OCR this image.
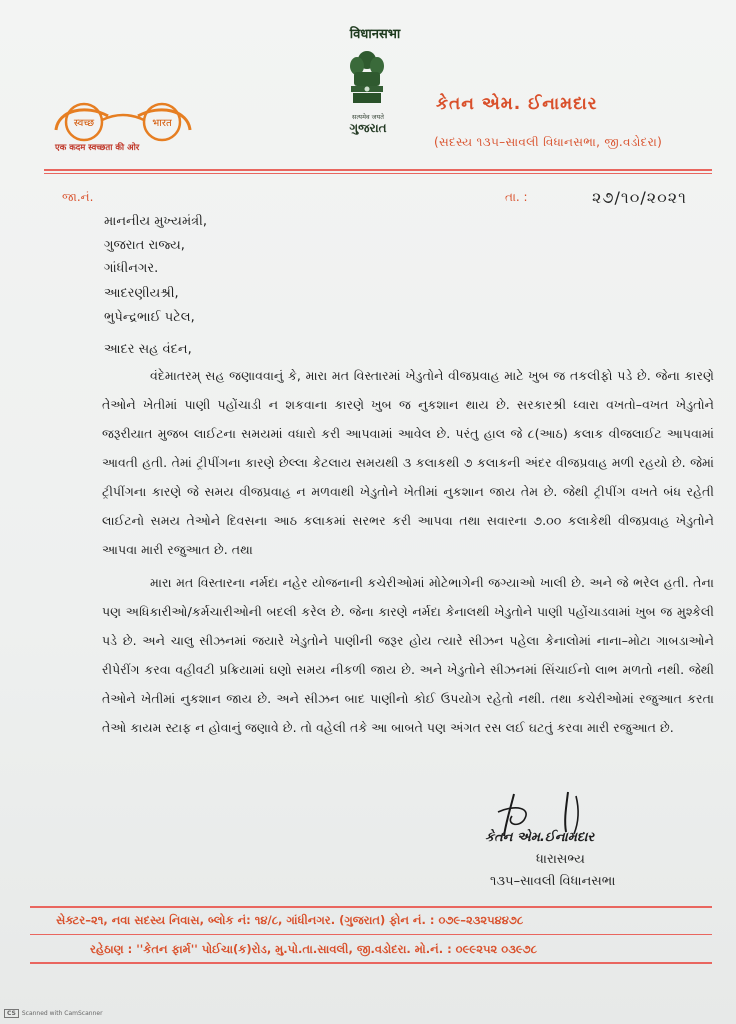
स्वच्छ	भारत
एक कदम स्वच्छता की ओर
विधानसभा
सत्यमेव जयते
ગુજરાત
કેતન એમ. ઈનામદાર
(સદસ્ય ૧૩૫–સાવલી વિધાનસભા, જી.વડોદરા)
જા.નં.	તા. :	૨૭/૧૦/૨૦૨૧
માનનીય મુખ્યમંત્રી,
ગુજરાત રાજ્ય,
ગાંધીનગર.
આદરણીયશ્રી,
ભુપેન્દ્રભાઈ પટેલ,
આદર સહ વંદન,
વંદેમાતરમ્ સહ જણાવવાનું કે, મારા મત વિસ્તારમાં ખેડુતોને વીજપ્રવાહ માટે ખુબ જ તકલીફો પડે છે. જેના કારણે તેઓને ખેતીમાં પાણી પહોંચાડી ન શકવાના કારણે ખુબ જ નુકશાન થાય છે. સરકારશ્રી ધ્વારા વખતો–વખત ખેડુતોને જરૂરીયાત મુજબ લાઈટના સમયમાં વધારો કરી આપવામાં આવેલ છે. પરંતુ હાલ જે ૮(આઠ) કલાક વીજલાઈટ આપવામાં આવતી હતી. તેમાં ટ્રીપીંગના કારણે છેલ્લા કેટલાય સમયથી ૩ કલાકથી ૭ કલાકની અંદર વીજપ્રવાહ મળી રહયો છે. જેમાં ટ્રીપીંગના કારણે જે સમય વીજપ્રવાહ ન મળવાથી ખેડુતોને ખેતીમાં નુકશાન જાય તેમ છે. જેથી ટ્રીપીંગ વખતે બંધ રહેતી લાઈટનો સમય તેઓને દિવસના આઠ કલાકમાં સરભર કરી આપવા તથા સવારના ૭.૦૦ કલાકેથી વીજપ્રવાહ ખેડુતોને આપવા મારી રજુઆત છે. તથા
મારા મત વિસ્તારના નર્મદા નહેર યોજનાની કચેરીઓમાં મોટેભાગેની જગ્યાઓ ખાલી છે. અને જે ભરેલ હતી. તેના પણ અધિકારીઓ/કર્મચારીઓની બદલી કરેલ છે. જેના કારણે નર્મદા કેનાલથી ખેડુતોને પાણી પહોંચાડવામાં ખુબ જ મુશ્કેલી પડે છે. અને ચાલુ સીઝનમાં જયારે ખેડુતોને પાણીની જરૂર હોય ત્યારે સીઝન પહેલા કેનાલોમાં નાના–મોટા ગાબડાઓને રીપેરીંગ કરવા વહીવટી પ્રક્રિયામાં ઘણો સમય નીકળી જાય છે. અને ખેડુતોને સીઝનમાં સિંચાઈનો લાભ મળતો નથી. જેથી તેઓને ખેતીમાં નુકશાન જાય છે. અને સીઝન બાદ પાણીનો કોઈ ઉપયોગ રહેતો નથી. તથા કચેરીઓમાં રજુઆત કરતા તેઓ કાયમ સ્ટાફ ન હોવાનું જણાવે છે. તો વહેલી તકે આ બાબતે પણ અંગત રસ લઈ ઘટતું કરવા મારી રજુઆત છે.
કેતન એમ.ઈનામદાર
ધારાસભ્ય
૧૩૫–સાવલી વિધાનસભા
સેક્ટર–૨૧, નવા સદસ્ય નિવાસ, બ્લોક નં: ૧૪/૮, ગાંધીનગર. (ગુજરાત) ફોન નં. : ૦૭૯–૨૩૨૫૪૪૭૮
રહેઠાણ : ''કેતન ફાર્મ'' પોઈચા(ક)રોડ, મુ.પો.તા.સાવલી, જી.વડોદરા. મો.નં. : ૦૯૯૨૫૨ ૦૩૯૭૮
CS Scanned with CamScanner
